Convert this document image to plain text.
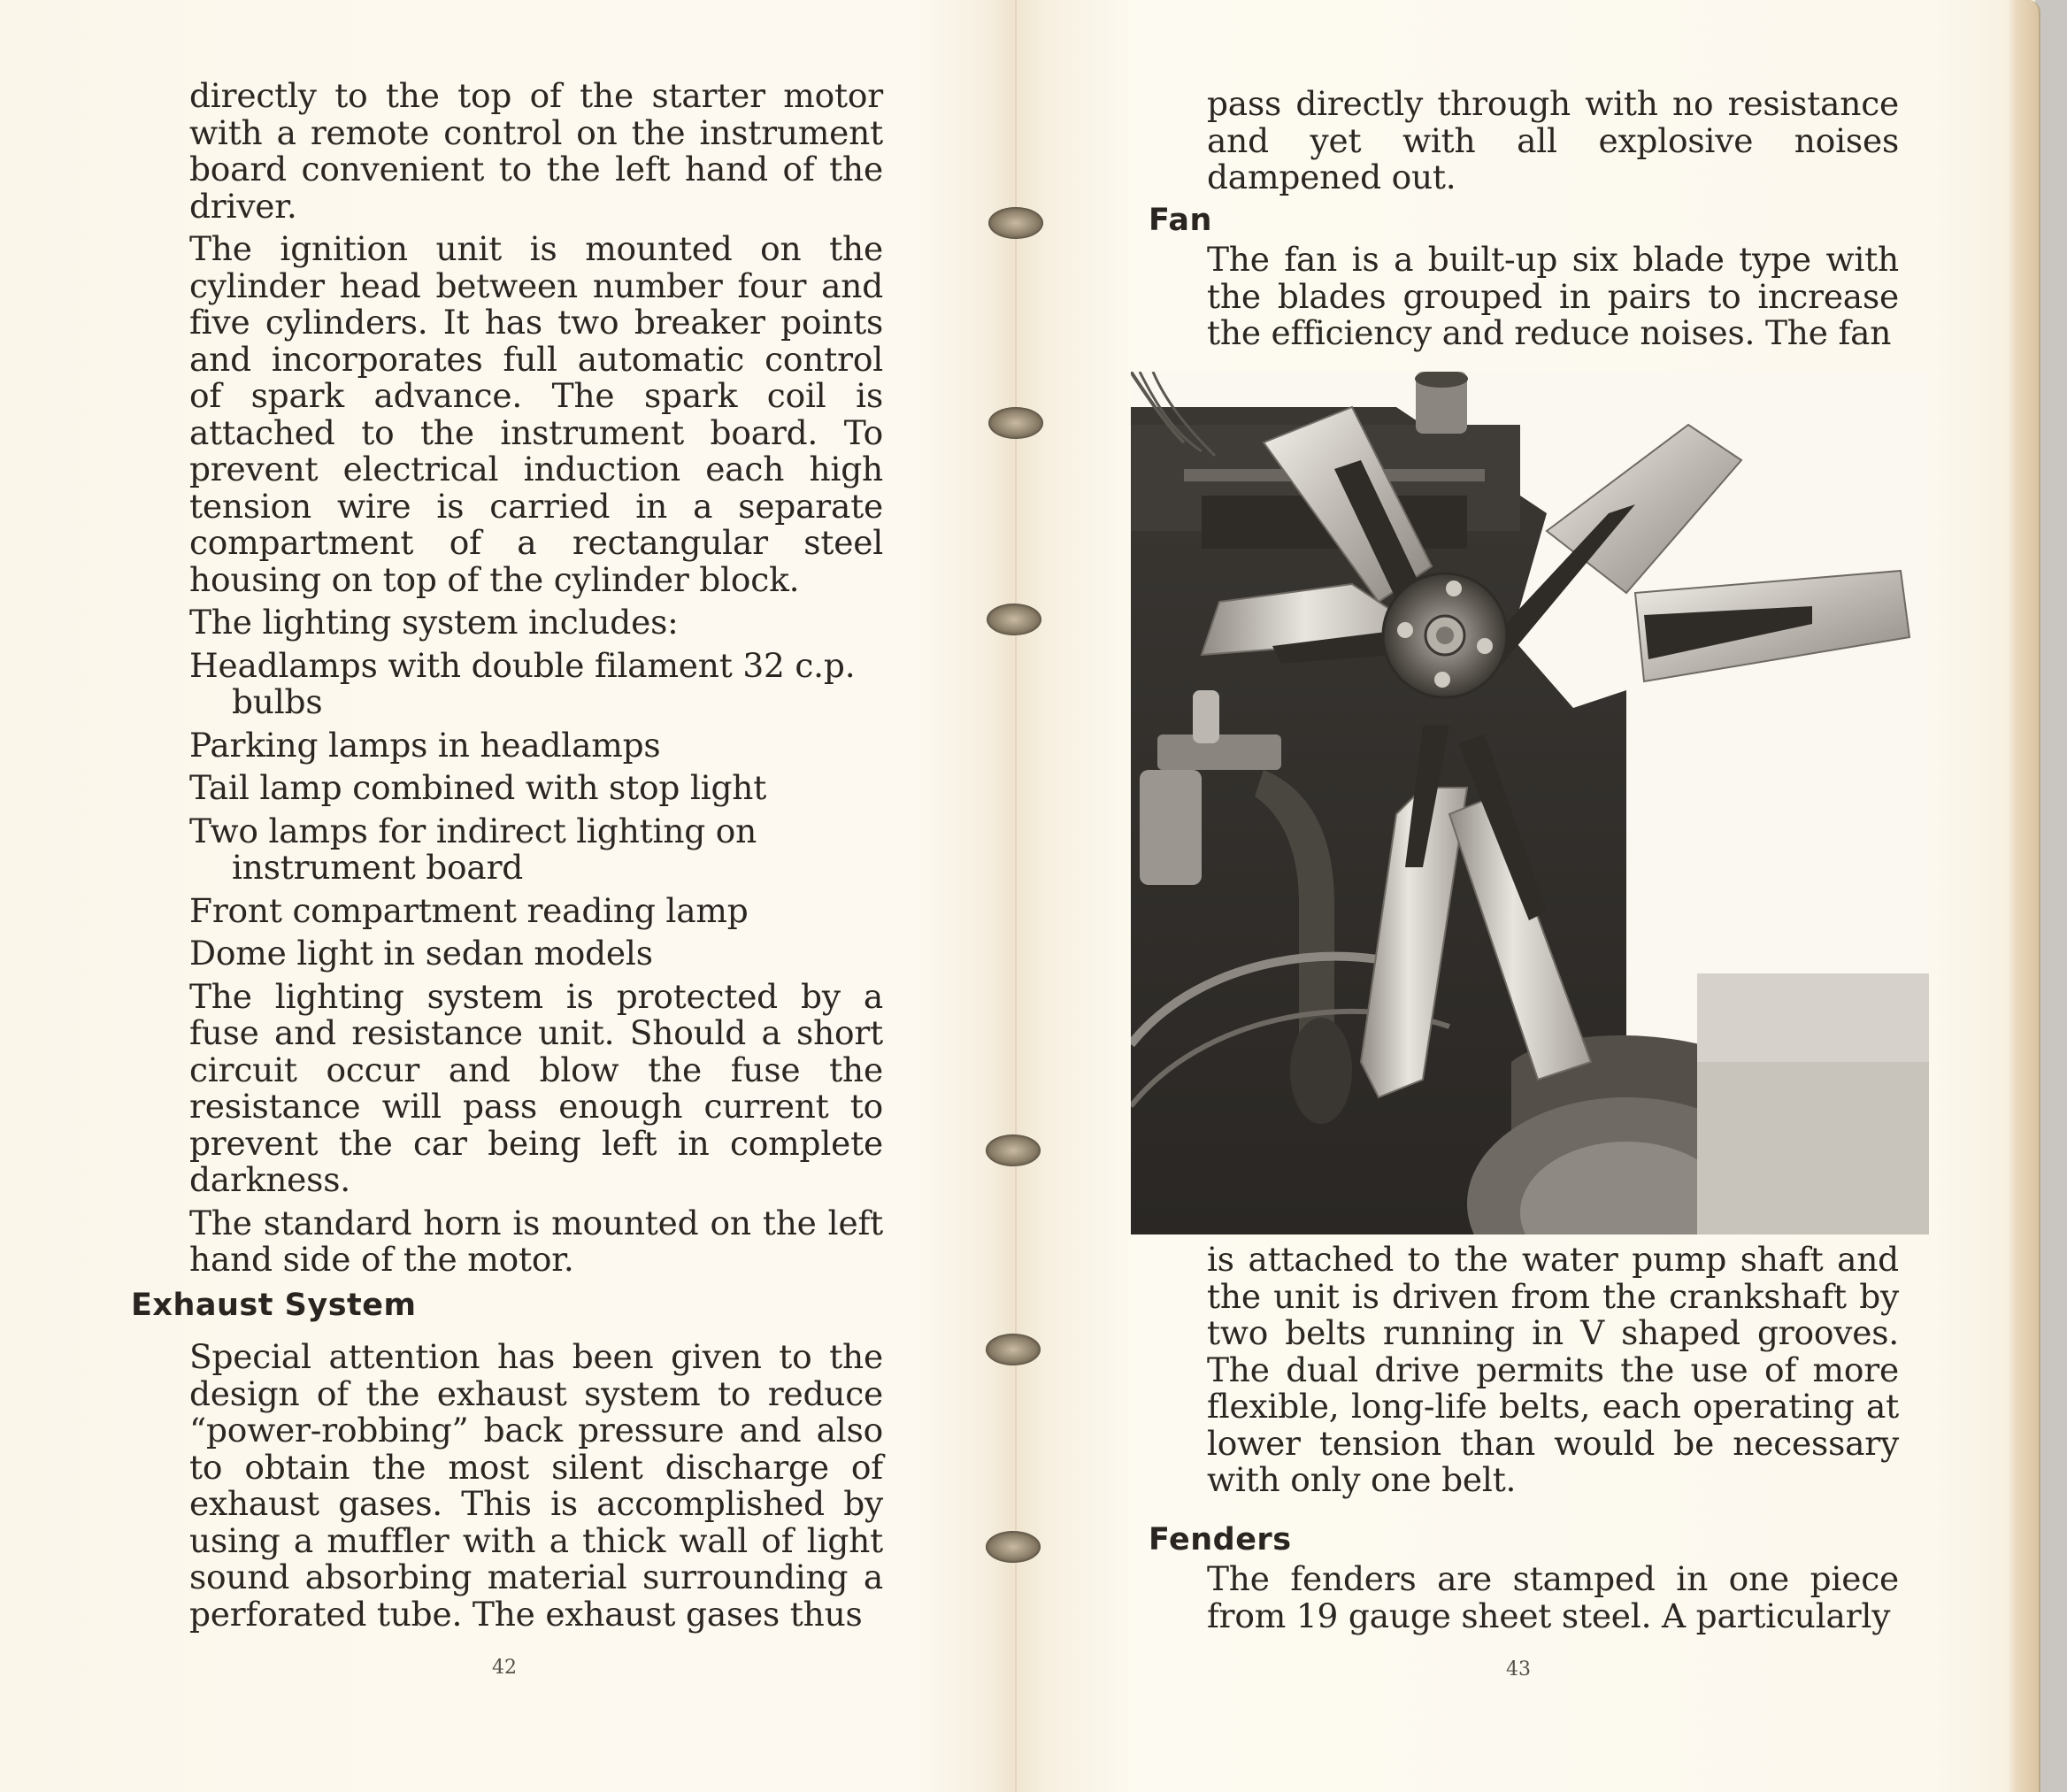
directly to the top of the starter motor with a remote control on the instrument board convenient to the left hand of the driver.

The ignition unit is mounted on the cylinder head between number four and five cylinders. It has two breaker points and incorporates full automatic control of spark advance. The spark coil is attached to the instrument board. To prevent electrical induction each high tension wire is carried in a separate compartment of a rectangular steel housing on top of the cylinder block.

The lighting system includes:

Headlamps with double filament 32 c.p. bulbs

Parking lamps in headlamps

Tail lamp combined with stop light

Two lamps for indirect lighting on instrument board

Front compartment reading lamp

Dome light in sedan models

The lighting system is protected by a fuse and resistance unit. Should a short circuit occur and blow the fuse the resistance will pass enough current to prevent the car being left in complete darkness.

The standard horn is mounted on the left hand side of the motor.

Exhaust System

Special attention has been given to the design of the exhaust system to reduce “power-robbing” back pressure and also to obtain the most silent discharge of exhaust gases. This is accomplished by using a muffler with a thick wall of light sound absorbing material surrounding a perforated tube. The exhaust gases thus

42

pass directly through with no resistance and yet with all explosive noises dampened out.

Fan

The fan is a built-up six blade type with the blades grouped in pairs to increase the efficiency and reduce noises. The fan

is attached to the water pump shaft and the unit is driven from the crankshaft by two belts running in V shaped grooves. The dual drive permits the use of more flexible, long-life belts, each operating at lower tension than would be necessary with only one belt.

Fenders

The fenders are stamped in one piece from 19 gauge sheet steel. A particularly

43
